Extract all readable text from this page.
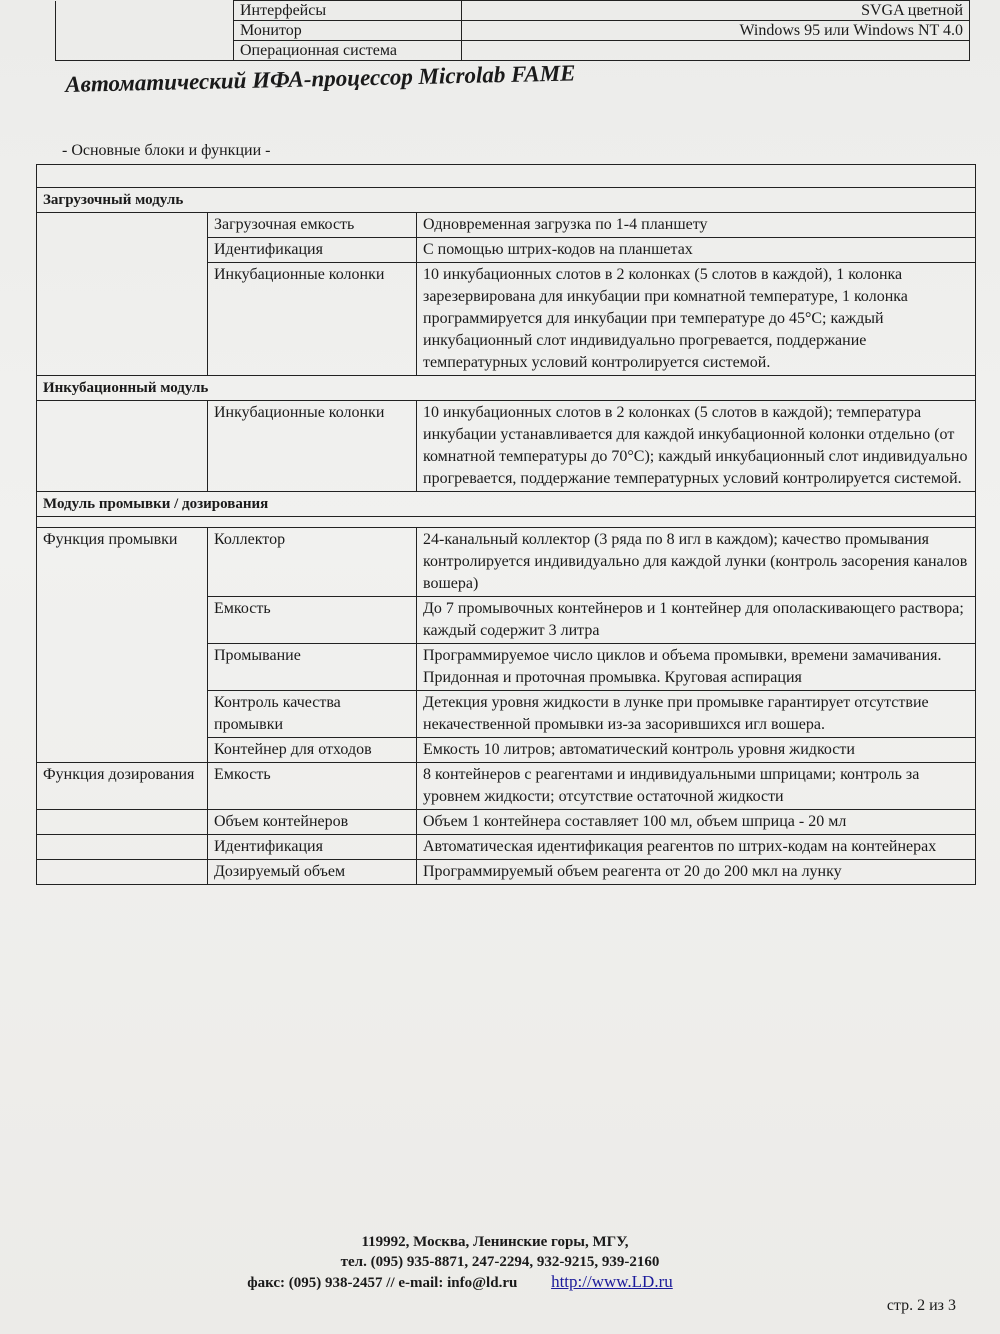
	Интерфейсы	SVGA цветной
	Монитор	Windows 95 или Windows NT 4.0
	Операционная система	
Автоматический ИФА-процессор Microlab FAME
- Основные блоки и функции -

Загрузочный модуль		
	Загрузочная емкость	Одновременная загрузка по 1-4 планшету
	Идентификация	С помощью штрих-кодов на планшетах
	Инкубационные колонки	10 инкубационных слотов в 2 колонках (5 слотов в каждой), 1 колонка зарезервирована для инкубации при комнатной температуре, 1 колонка программируется для инкубации при температуре до 45°C; каждый инкубационный слот индивидуально прогревается, поддержание температурных условий контролируется системой.
Инкубационный модуль		
	Инкубационные колонки	10 инкубационных слотов в 2 колонках (5 слотов в каждой); температура инкубации устанавливается для каждой инкубационной колонки отдельно (от комнатной температуры до 70°C); каждый инкубационный слот индивидуально прогревается, поддержание температурных условий контролируется системой.
Модуль промывки / дозирования		

Функция промывки	Коллектор	24-канальный коллектор (3 ряда по 8 игл в каждом); качество промывания контролируется индивидуально для каждой лунки (контроль засорения каналов вошера)
	Емкость	До 7 промывочных контейнеров и 1 контейнер для ополаскивающего раствора; каждый содержит 3 литра
	Промывание	Программируемое число циклов и объема промывки, времени замачивания. Придонная и проточная промывка. Круговая аспирация
	Контроль качества промывки	Детекция уровня жидкости в лунке при промывке гарантирует отсутствие некачественной промывки из-за засорившихся игл вошера.
	Контейнер для отходов	Емкость 10 литров; автоматический контроль уровня жидкости
Функция дозирования	Емкость	8 контейнеров с реагентами и индивидуальными шприцами; контроль за уровнем жидкости; отсутствие остаточной жидкости
	Объем контейнеров	Объем 1 контейнера составляет 100 мл, объем шприца - 20 мл
	Идентификация	Автоматическая идентификация реагентов по штрих-кодам на контейнерах
	Дозируемый объем	Программируемый объем реагента от 20 до 200 мкл на лунку
119992, Москва, Ленинские горы, МГУ,
тел. (095) 935-8871, 247-2294, 932-9215, 939-2160
факс: (095) 938-2457 // e-mail: info@ld.ru http://www.LD.ru
стр. 2 из 3
